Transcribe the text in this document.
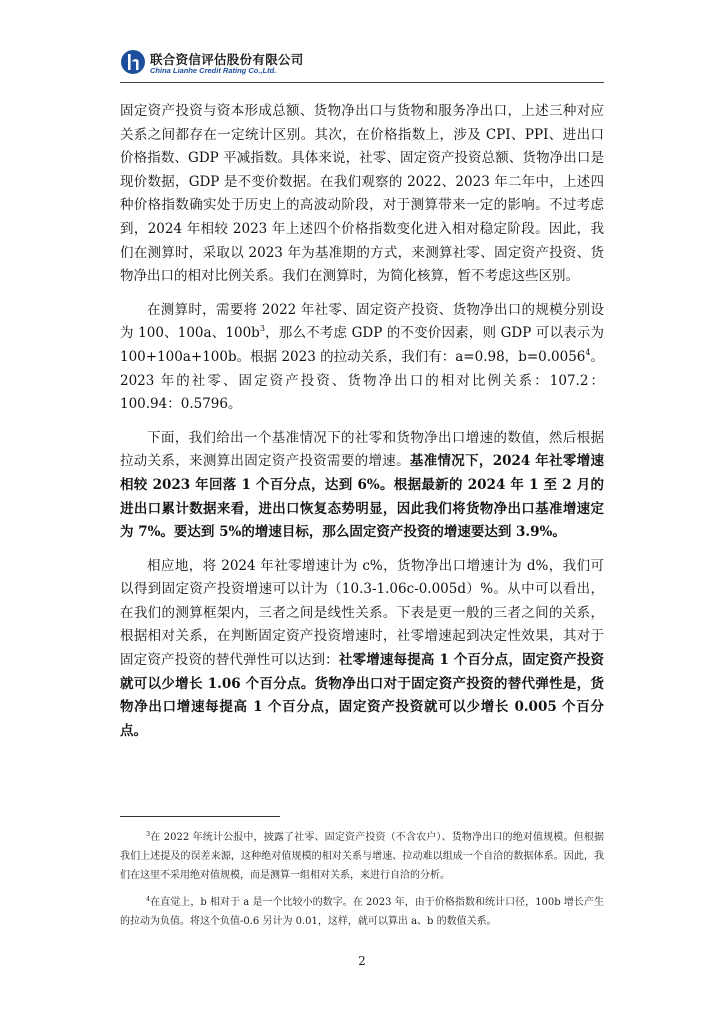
联合资信评估股份有限公司
China Lianhe Credit Rating Co.,Ltd.

固定资产投资与资本形成总额、货物净出口与货物和服务净出口，上述三种对应关系之间都存在一定统计区别。其次，在价格指数上，涉及 CPI、PPI、进出口价格指数、GDP 平减指数。具体来说，社零、固定资产投资总额、货物净出口是现价数据，GDP 是不变价数据。在我们观察的 2022、2023 年二年中，上述四种价格指数确实处于历史上的高波动阶段，对于测算带来一定的影响。不过考虑到，2024 年相较 2023 年上述四个价格指数变化进入相对稳定阶段。因此，我们在测算时，采取以 2023 年为基准期的方式，来测算社零、固定资产投资、货物净出口的相对比例关系。我们在测算时，为简化核算，暂不考虑这些区别。

在测算时，需要将 2022 年社零、固定资产投资、货物净出口的规模分别设为 100、100a、$100b^3$，那么不考虑 GDP 的不变价因素，则 GDP 可以表示为 100+100a+100b。根据 2023 的拉动关系，我们有：a=0.98，$b=0.0056^4$。2023 年的社零、固定资产投资、货物净出口的相对比例关系：107.2：100.94：0.5796。

下面，我们给出一个基准情况下的社零和货物净出口增速的数值，然后根据拉动关系，来测算出固定资产投资需要的增速。基准情况下，2024 年社零增速相较 2023 年回落 1 个百分点，达到 6%。根据最新的 2024 年 1 至 2 月的进出口累计数据来看，进出口恢复态势明显，因此我们将货物净出口基准增速定为 7%。要达到 5%的增速目标，那么固定资产投资的增速要达到 3.9%。

相应地，将 2024 年社零增速计为 c%，货物净出口增速计为 d%，我们可以得到固定资产投资增速可以计为（10.3-1.06c-0.005d）%。从中可以看出，在我们的测算框架内，三者之间是线性关系。下表是更一般的三者之间的关系，根据相对关系，在判断固定资产投资增速时，社零增速起到决定性效果，其对于固定资产投资的替代弹性可以达到：社零增速每提高 1 个百分点，固定资产投资就可以少增长 1.06 个百分点。货物净出口对于固定资产投资的替代弹性是，货物净出口增速每提高 1 个百分点，固定资产投资就可以少增长 0.005 个百分点。

$^3$在 2022 年统计公报中，披露了社零、固定资产投资（不含农户）、货物净出口的绝对值规模。但根据我们上述提及的误差来源，这种绝对值规模的相对关系与增速、拉动难以组成一个自洽的数据体系。因此，我们在这里不采用绝对值规模，而是测算一组相对关系，来进行自洽的分析。

$^4$在直觉上，b 相对于 a 是一个比较小的数字。在 2023 年，由于价格指数和统计口径，100b 增长产生的拉动为负值。将这个负值-0.6 另计为 0.01，这样，就可以算出 a、b 的数值关系。

2
